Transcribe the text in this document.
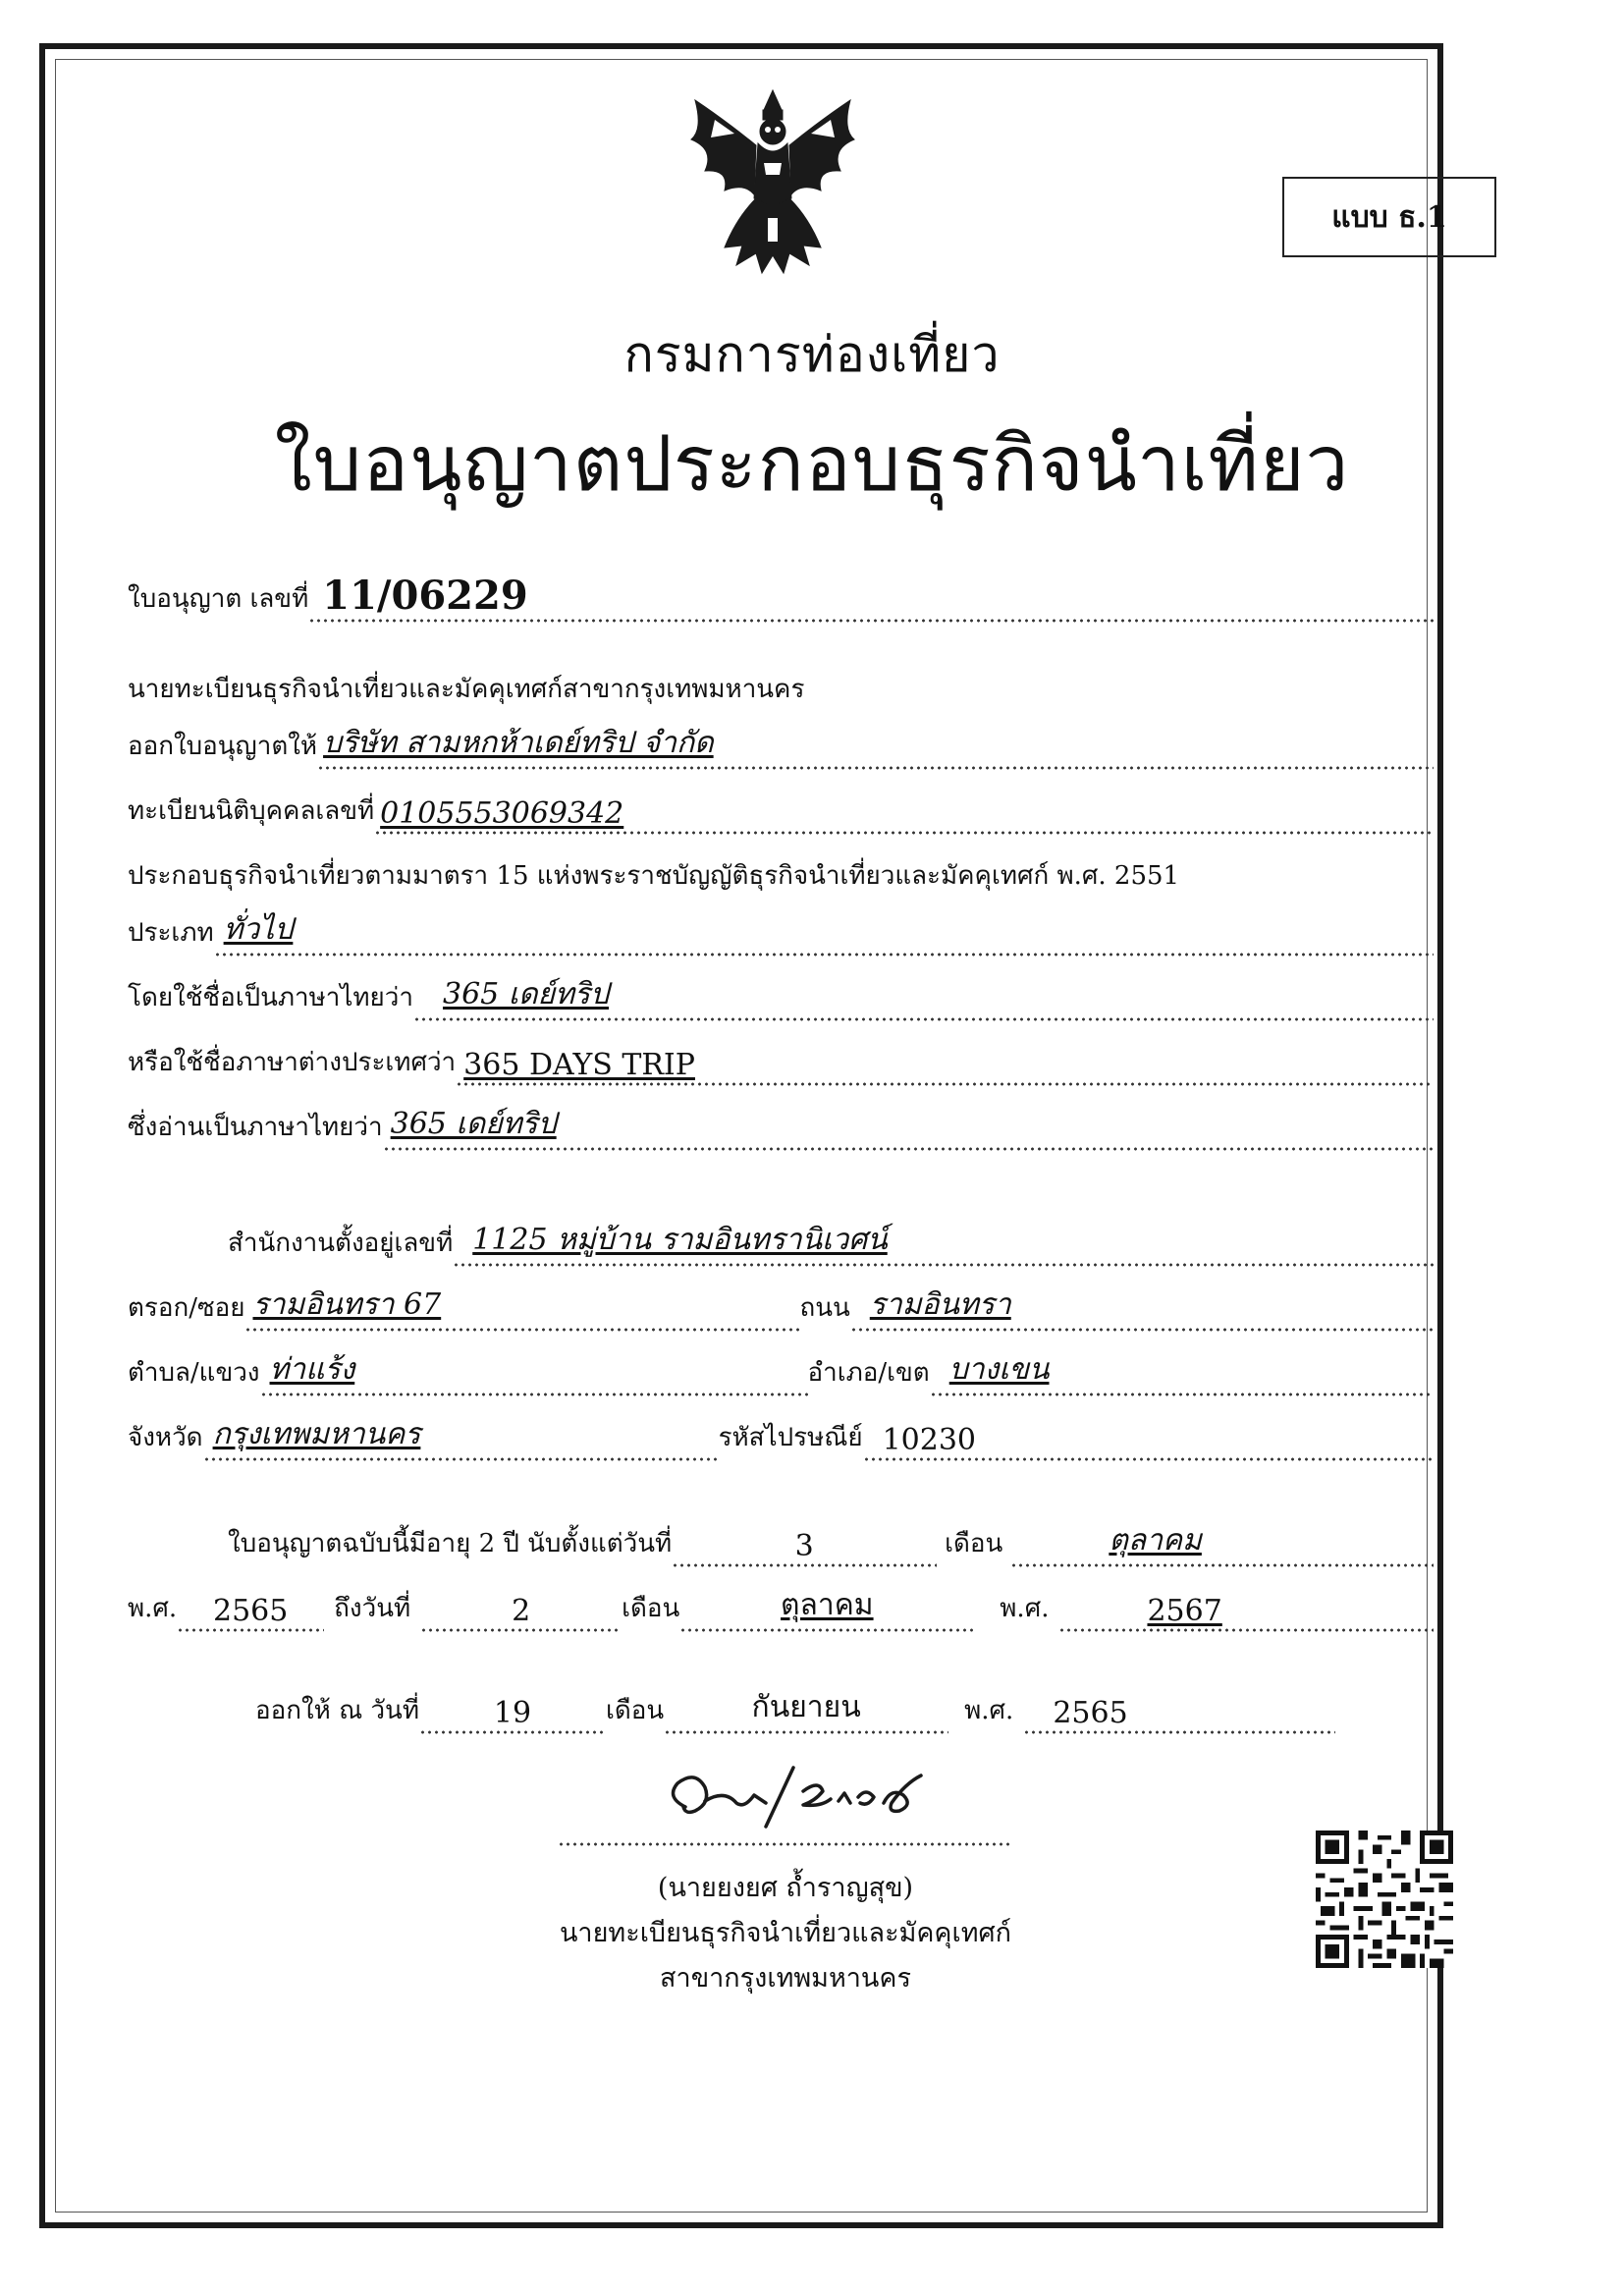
แบบ ธ.1
กรมการท่องเที่ยว
ใบอนุญาตประกอบธุรกิจนำเที่ยว
ใบอนุญาต เลขที่ 11/06229
นายทะเบียนธุรกิจนำเที่ยวและมัคคุเทศก์สาขากรุงเทพมหานคร
ออกใบอนุญาตให้ บริษัท สามหกห้าเดย์ทริป จำกัด
ทะเบียนนิติบุคคลเลขที่ 0105553069342
ประกอบธุรกิจนำเที่ยวตามมาตรา 15 แห่งพระราชบัญญัติธุรกิจนำเที่ยวและมัคคุเทศก์ พ.ศ. 2551
ประเภท ทั่วไป
โดยใช้ชื่อเป็นภาษาไทยว่า 365 เดย์ทริป
หรือใช้ชื่อภาษาต่างประเทศว่า 365 DAYS TRIP
ซึ่งอ่านเป็นภาษาไทยว่า 365 เดย์ทริป
สำนักงานตั้งอยู่เลขที่ 1125 หมู่บ้าน รามอินทรานิเวศน์
ตรอก/ซอย รามอินทรา 67	ถนน รามอินทรา
ตำบล/แขวง ท่าแร้ง	อำเภอ/เขต บางเขน
จังหวัด กรุงเทพมหานคร	รหัสไปรษณีย์ 10230
ใบอนุญาตฉบับนี้มีอายุ 2 ปี นับตั้งแต่วันที่	3	เดือน	ตุลาคม
พ.ศ. 2565	ถึงวันที่	2	เดือน	ตุลาคม	พ.ศ.	2567
ออกให้ ณ วันที่	19	เดือน	กันยายน	พ.ศ.	2565
(นายยงยศ ถ้ำราญสุข)
นายทะเบียนธุรกิจนำเที่ยวและมัคคุเทศก์
สาขากรุงเทพมหานคร
